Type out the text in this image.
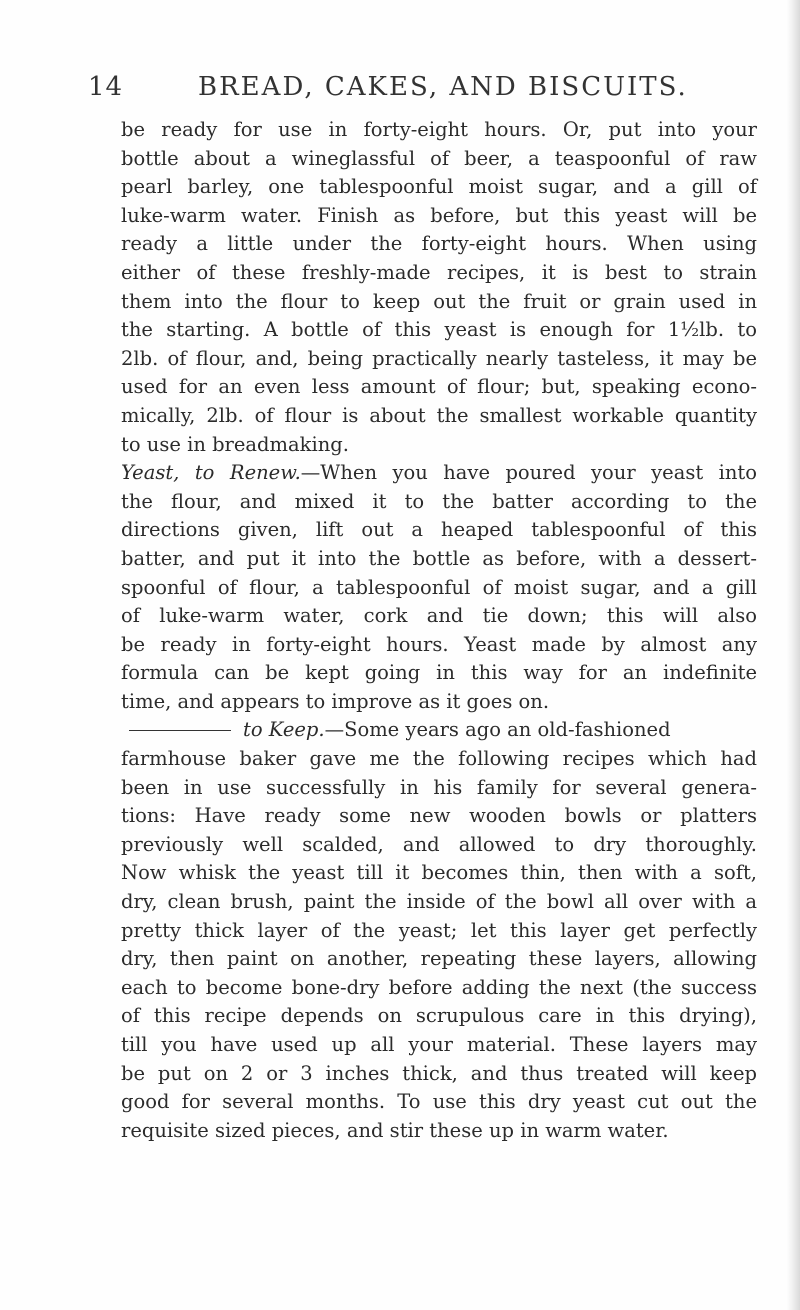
14	BREAD, CAKES, AND BISCUITS.
be ready for use in forty-eight hours. Or, put into your
bottle about a wineglassful of beer, a teaspoonful of raw
pearl barley, one tablespoonful moist sugar, and a gill of
luke-warm water. Finish as before, but this yeast will be
ready a little under the forty-eight hours. When using
either of these freshly-made recipes, it is best to strain
them into the flour to keep out the fruit or grain used in
the starting. A bottle of this yeast is enough for 1½lb. to
2lb. of flour, and, being practically nearly tasteless, it may be
used for an even less amount of flour; but, speaking econo-
mically, 2lb. of flour is about the smallest workable quantity
to use in breadmaking.
Yeast, to Renew.—When you have poured your yeast into
the flour, and mixed it to the batter according to the
directions given, lift out a heaped tablespoonful of this
batter, and put it into the bottle as before, with a dessert-
spoonful of flour, a tablespoonful of moist sugar, and a gill
of luke-warm water, cork and tie down; this will also
be ready in forty-eight hours. Yeast made by almost any
formula can be kept going in this way for an indefinite
time, and appears to improve as it goes on.
to Keep.—Some years ago an old-fashioned
farmhouse baker gave me the following recipes which had
been in use successfully in his family for several genera-
tions: Have ready some new wooden bowls or platters
previously well scalded, and allowed to dry thoroughly.
Now whisk the yeast till it becomes thin, then with a soft,
dry, clean brush, paint the inside of the bowl all over with a
pretty thick layer of the yeast; let this layer get perfectly
dry, then paint on another, repeating these layers, allowing
each to become bone-dry before adding the next (the success
of this recipe depends on scrupulous care in this drying),
till you have used up all your material. These layers may
be put on 2 or 3 inches thick, and thus treated will keep
good for several months. To use this dry yeast cut out the
requisite sized pieces, and stir these up in warm water.
